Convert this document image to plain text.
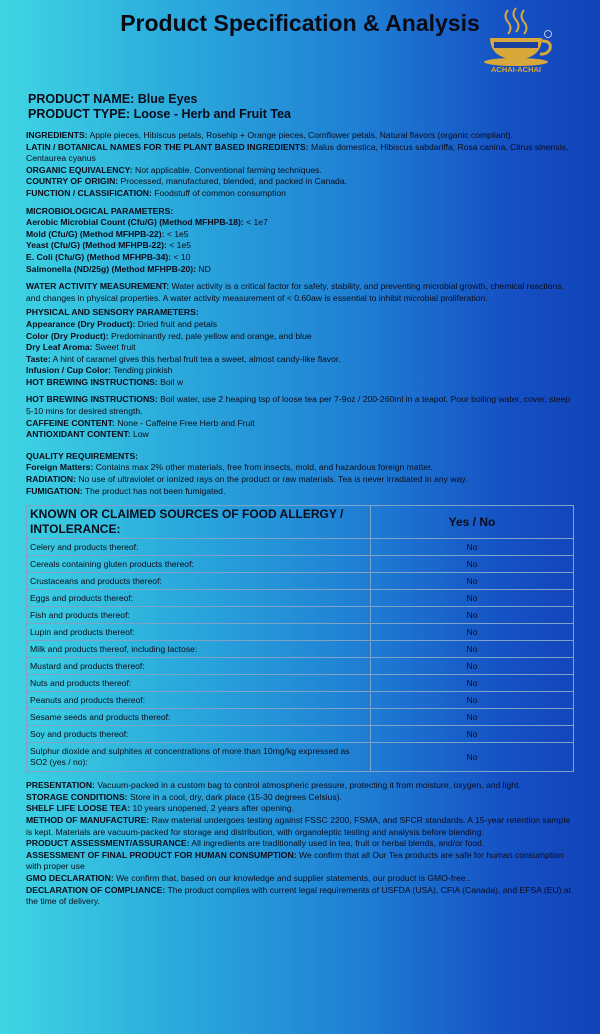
Product Specification & Analysis
ACHAI-ACHAI
PRODUCT NAME: Blue Eyes
PRODUCT TYPE: Loose - Herb and Fruit Tea

INGREDIENTS: Apple pieces, Hibiscus petals, Rosehip + Orange pieces, Cornflower petals, Natural flavors (organic compliant).

LATIN / BOTANICAL NAMES FOR THE PLANT BASED INGREDIENTS: Malus domestica, Hibiscus sabdariffa, Rosa canina, Citrus sinensis, Centaurea cyanus

ORGANIC EQUIVALENCY: Not applicable. Conventional farming techniques.

COUNTRY OF ORIGIN: Processed, manufactured, blended, and packed in Canada.

FUNCTION / CLASSIFICATION: Foodstuff of common consumption

MICROBIOLOGICAL PARAMETERS:

Aerobic Microbial Count (Cfu/G) (Method MFHPB-18): < 1e7

Mold (Cfu/G) (Method MFHPB-22): < 1e5

Yeast (Cfu/G) (Method MFHPB-22): < 1e5

E. Coli (Cfu/G) (Method MFHPB-34): < 10

Salmonella (ND/25g) (Method MFHPB-20): ND

WATER ACTIVITY MEASUREMENT: Water activity is a critical factor for safety, stability, and preventing microbial growth, chemical reactions, and changes in physical properties. A water activity measurement of < 0.60aw is essential to inhibit microbial proliferation.

PHYSICAL AND SENSORY PARAMETERS:

Appearance (Dry Product): Dried fruit and petals

Color (Dry Product): Predominantly red, pale yellow and orange, and blue

Dry Leaf Aroma: Sweet fruit

Taste: A hint of caramel gives this herbal fruit tea a sweet, almost candy-like flavor.

Infusion / Cup Color: Tending pinkish

HOT BREWING INSTRUCTIONS: Boil w

HOT BREWING INSTRUCTIONS: Boil water, use 2 heaping tsp of loose tea per 7-9oz / 200-260ml in a teapot. Pour boiling water, cover, steep 5-10 mins for desired strength.

CAFFEINE CONTENT: None - Caffeine Free Herb and Fruit

ANTIOXIDANT CONTENT: Low

QUALITY REQUIREMENTS:

Foreign Matters: Contains max 2% other materials, free from insects, mold, and hazardous foreign matter.

RADIATION: No use of ultraviolet or ionized rays on the product or raw materials. Tea is never irradiated in any way.

FUMIGATION: The product has not been fumigated.

KNOWN OR CLAIMED SOURCES OF FOOD ALLERGY / INTOLERANCE:	Yes / No
Celery and products thereof:	No
Cereals containing gluten products thereof:	No
Crustaceans and products thereof:	No
Eggs and products thereof:	No
Fish and products thereof:	No
Lupin and products thereof:	No
Milk and products thereof, including lactose:	No
Mustard and products thereof:	No
Nuts and products thereof:	No
Peanuts and products thereof:	No
Sesame seeds and products thereof:	No
Soy and products thereof:	No
Sulphur dioxide and sulphites at concentrations of more than 10mg/kg expressed as SO2 (yes / no):	No

PRESENTATION: Vacuum-packed in a custom bag to control atmospheric pressure, protecting it from moisture, oxygen, and light.

STORAGE CONDITIONS: Store in a cool, dry, dark place (15-30 degrees Celsius).

SHELF LIFE LOOSE TEA: 10 years unopened, 2 years after opening.

METHOD OF MANUFACTURE: Raw material undergoes testing against FSSC 2200, FSMA, and SFCR standards. A 15-year retention sample is kept. Materials are vacuum-packed for storage and distribution, with organoleptic testing and analysis before blending.

PRODUCT ASSESSMENT/ASSURANCE: All ingredients are traditionally used in tea, fruit or herbal blends, and/or food.

ASSESSMENT OF FINAL PRODUCT FOR HUMAN CONSUMPTION: We confirm that all Our Tea products are safe for human consumption with proper use

GMO DECLARATION: We confirm that, based on our knowledge and supplier statements, our product is GMO-free..

DECLARATION OF COMPLIANCE: The product complies with current legal requirements of USFDA (USA), CFIA (Canada), and EFSA (EU) at the time of delivery.
